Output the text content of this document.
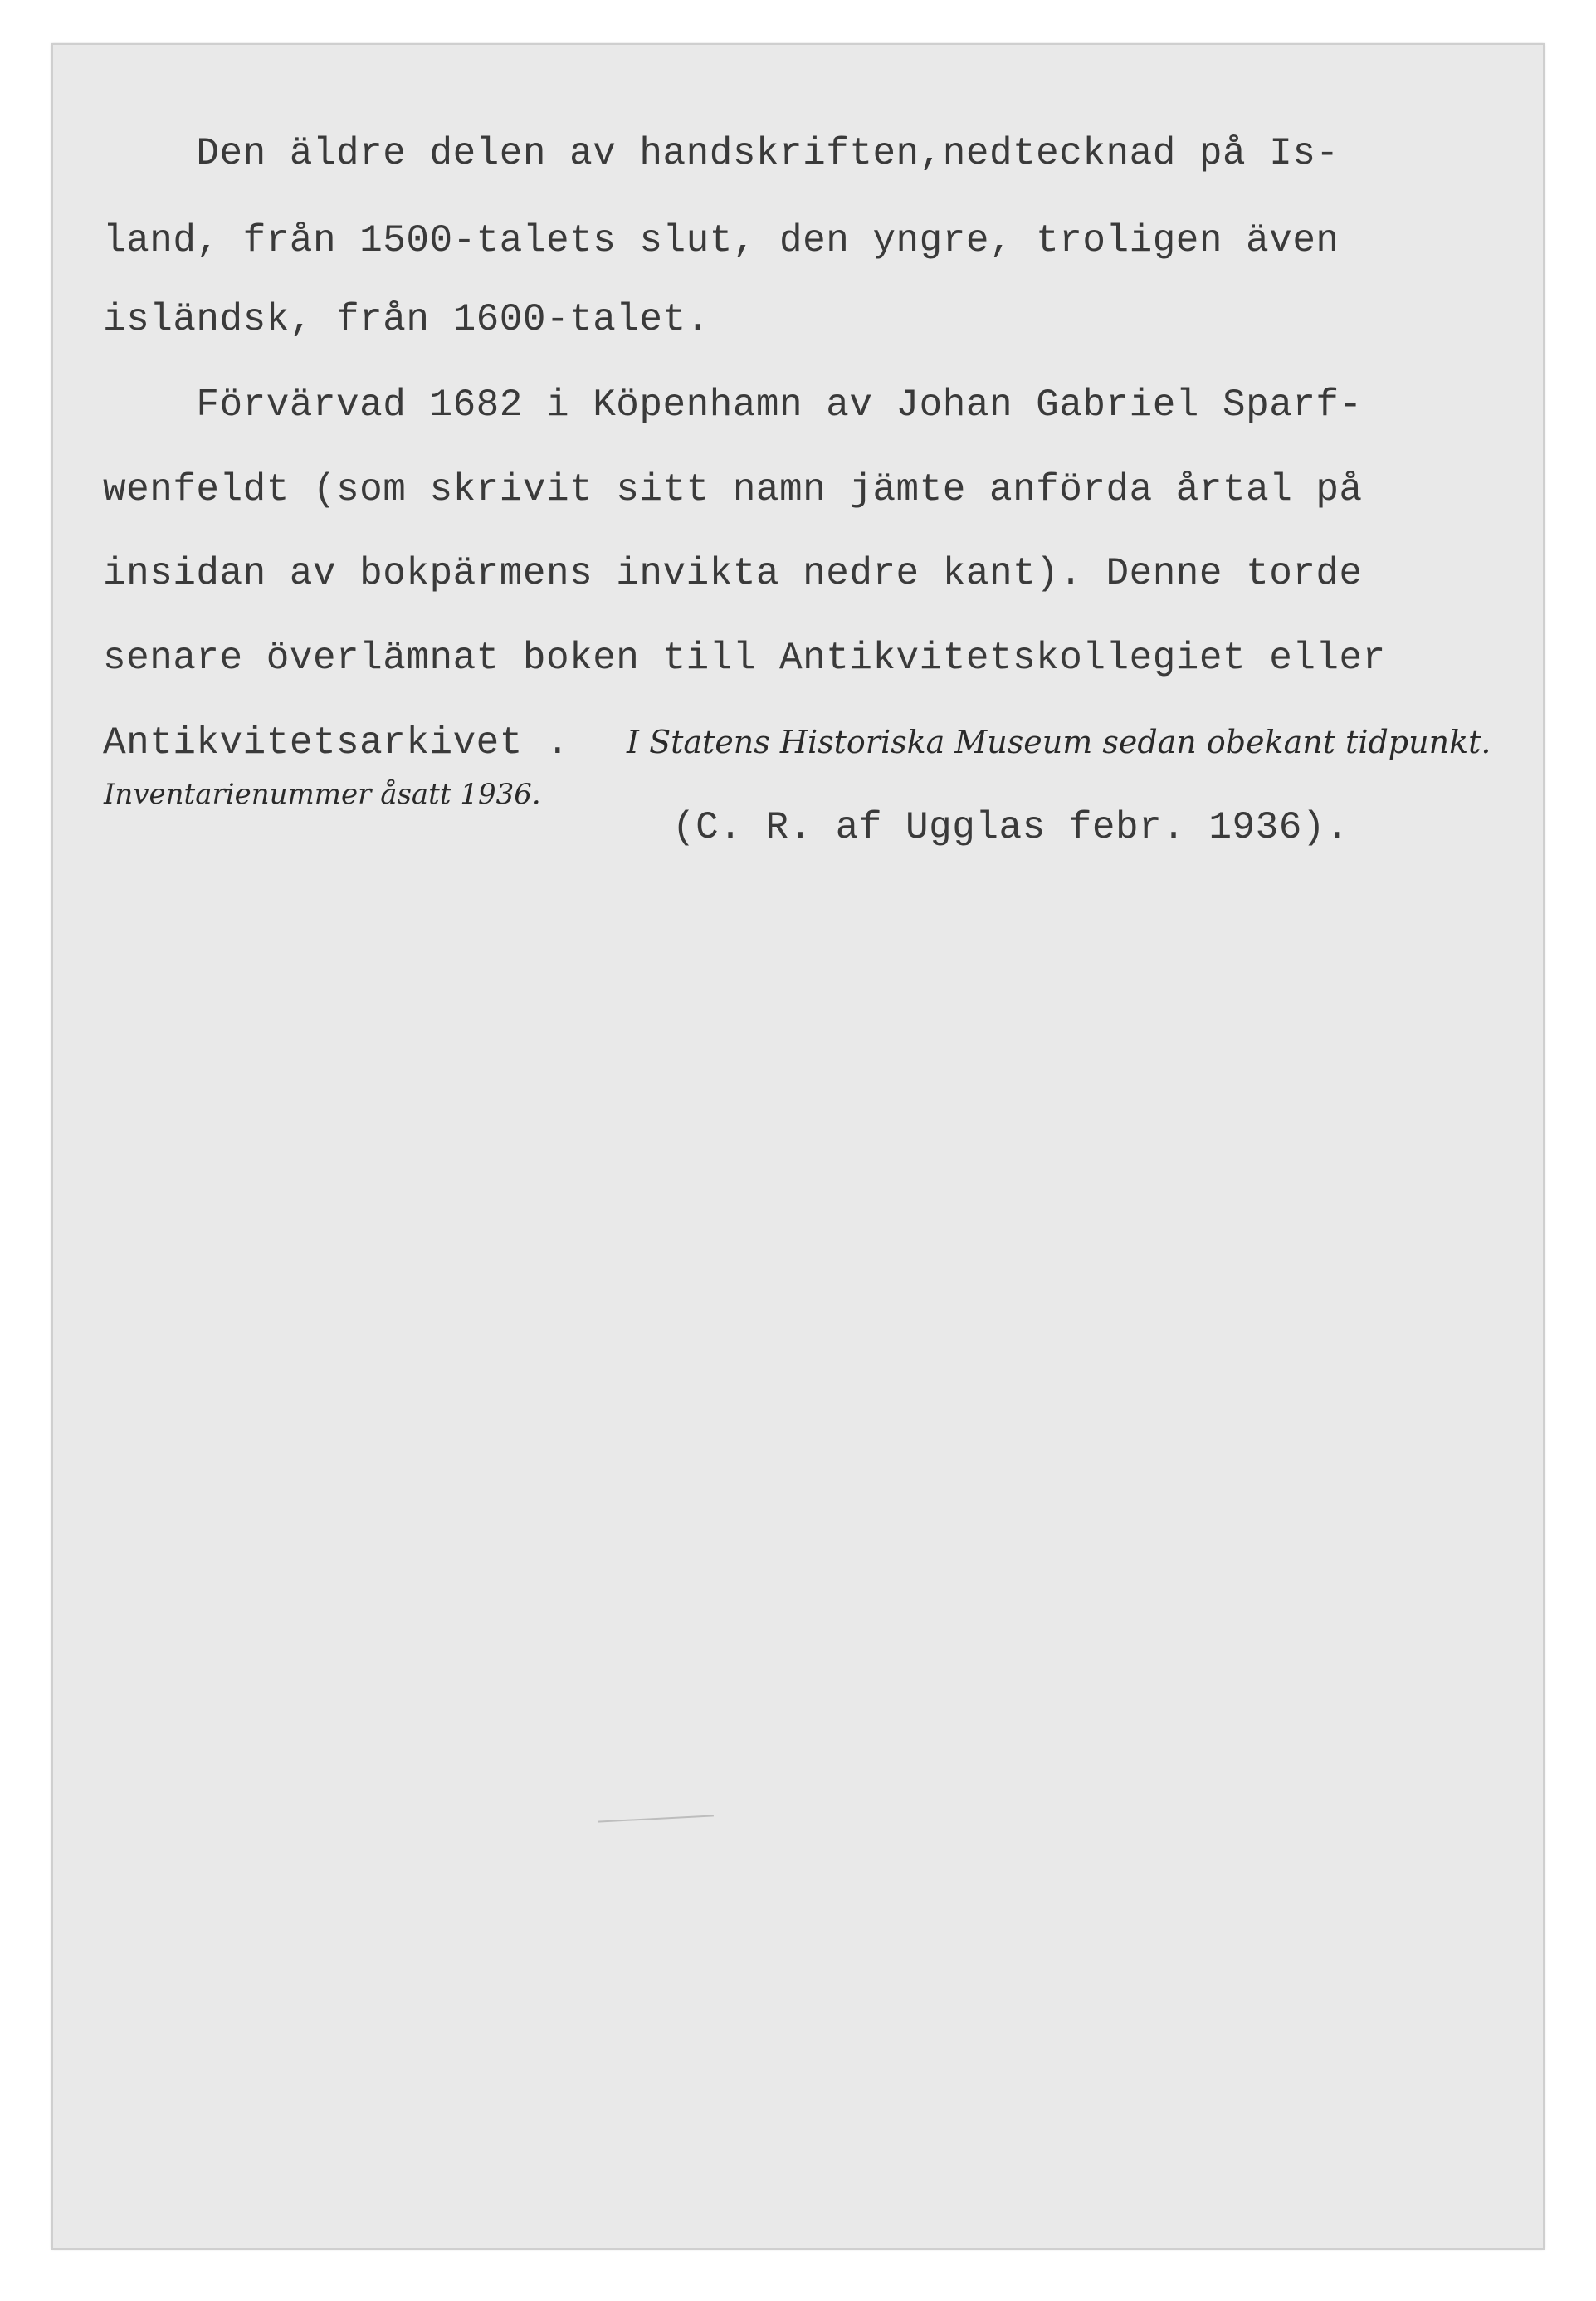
Den äldre delen av handskriften,nedtecknad på Is-
land, från 1500-talets slut, den yngre, troligen även
isländsk, från 1600-talet.
Förvärvad 1682 i Köpenhamn av Johan Gabriel Sparf-
wenfeldt (som skrivit sitt namn jämte anförda årtal på
insidan av bokpärmens invikta nedre kant). Denne torde
senare överlämnat boken till Antikvitetskollegiet eller
Antikvitetsarkivet . I Statens Historiska Museum sedan obekant tidpunkt.
Inventarienummer åsatt 1936.
(C. R. af Ugglas febr. 1936).
